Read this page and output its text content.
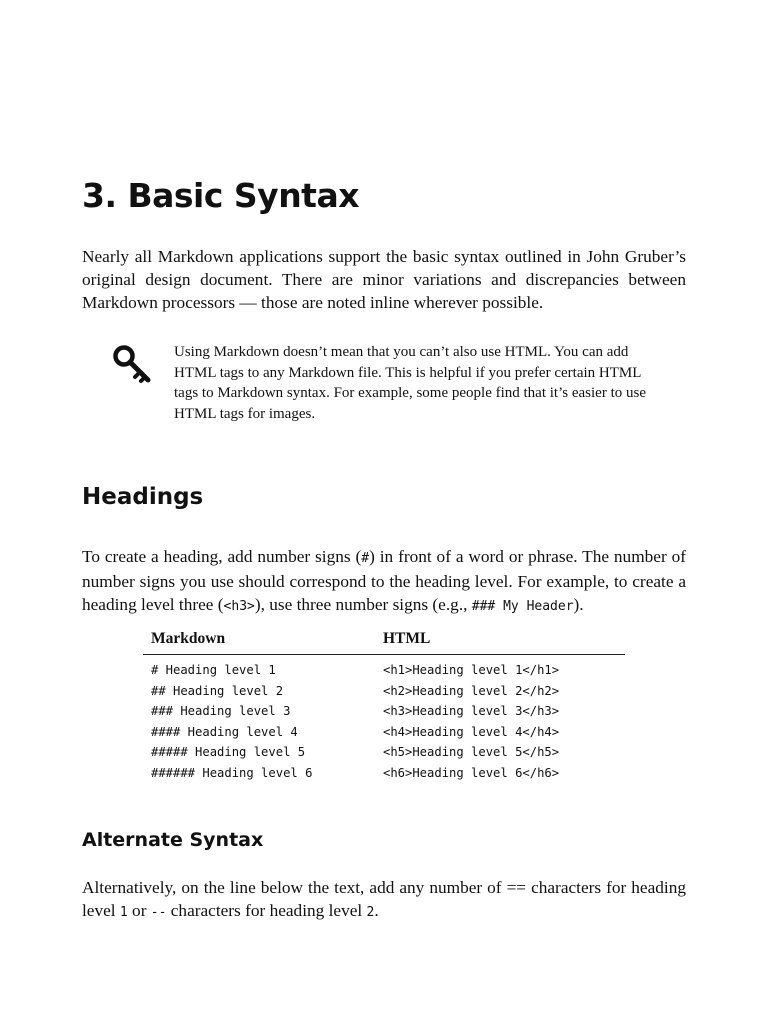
3. Basic Syntax

Nearly all Markdown applications support the basic syntax outlined in John Gruber’s original design document. There are minor variations and discrepancies between Markdown processors — those are noted inline wherever possible.

Using Markdown doesn’t mean that you can’t also use HTML. You can add HTML tags to any Markdown file. This is helpful if you prefer certain HTML tags to Markdown syntax. For example, some people find that it’s easier to use HTML tags for images.

Headings

To create a heading, add number signs (#) in front of a word or phrase. The number of number signs you use should correspond to the heading level. For example, to create a heading level three (<h3>), use three number signs (e.g., ### My Header).

Markdown	HTML
# Heading level 1	<h1>Heading level 1</h1>
## Heading level 2	<h2>Heading level 2</h2>
### Heading level 3	<h3>Heading level 3</h3>
#### Heading level 4	<h4>Heading level 4</h4>
##### Heading level 5	<h5>Heading level 5</h5>
###### Heading level 6	<h6>Heading level 6</h6>
Alternate Syntax

Alternatively, on the line below the text, add any number of == characters for heading level 1 or -- characters for heading level 2.
